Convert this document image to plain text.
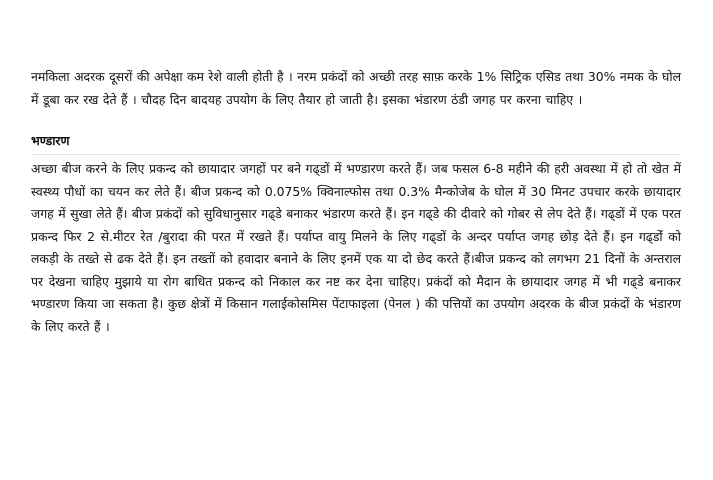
नमकिला अदरक दूसरों की अपेक्षा कम रेशे वाली होती है । नरम प्रकंदों को अच्छी तरह साफ़ करके 1% सिट्रिक एसिड तथा 30% नमक के घोल में डूबा कर रख देते हैं । चौदह दिन बादयह उपयोग के लिए तैयार हो जाती है। इसका भंडारण ठंडी जगह पर करना चाहिए ।

भण्डारण

अच्छा बीज करने के लिए प्रकन्द को छायादार जगहों पर बने गढ्डों में भण्डारण करते हैं। जब फसल 6-8 महीने की हरी अवस्था में हो तो खेत में स्वस्थ्य पौधों का चयन कर लेते हैं। बीज प्रकन्द को 0.075% क्विनाल्फोस तथा 0.3% मैन्कोजेब के घोल में 30 मिनट उपचार करके छायादार जगह में सुखा लेते हैं। बीज प्रकंदों को सुविधानुसार गढ्डे बनाकर भंडारण करते हैं। इन गढ्डे की दीवारे को गोबर से लेप देते हैं। गढ्डों में एक परत प्रकन्द फिर 2 से.मीटर रेत /बुरादा की परत में रखते हैं। पर्याप्त वायु मिलने के लिए गढ्डों के अन्दर पर्याप्त जगह छोड़ देते हैं। इन गढ्डोंं को लकड़ी के तख्ते से ढक देते हैं। इन तख्तों को हवादार बनाने के लिए इनमें एक या दो छेद करते हैं।बीज प्रकन्द को लगभग 21 दिनों के अन्तराल पर देखना चाहिए मुझाये या रोग बाधित प्रकन्द को निकाल कर नष्ट कर देना चाहिए। प्रकंदों को मैदान के छायादार जगह में भी गढ्डे बनाकर भण्डारण किया जा सकता है। कुछ क्षेत्रों में किसान गलाईकोसमिस पेंटाफाइला (पेनल ) की पत्तियों का उपयोग अदरक के बीज प्रकंदों के भंडारण के लिए करते हैं ।
